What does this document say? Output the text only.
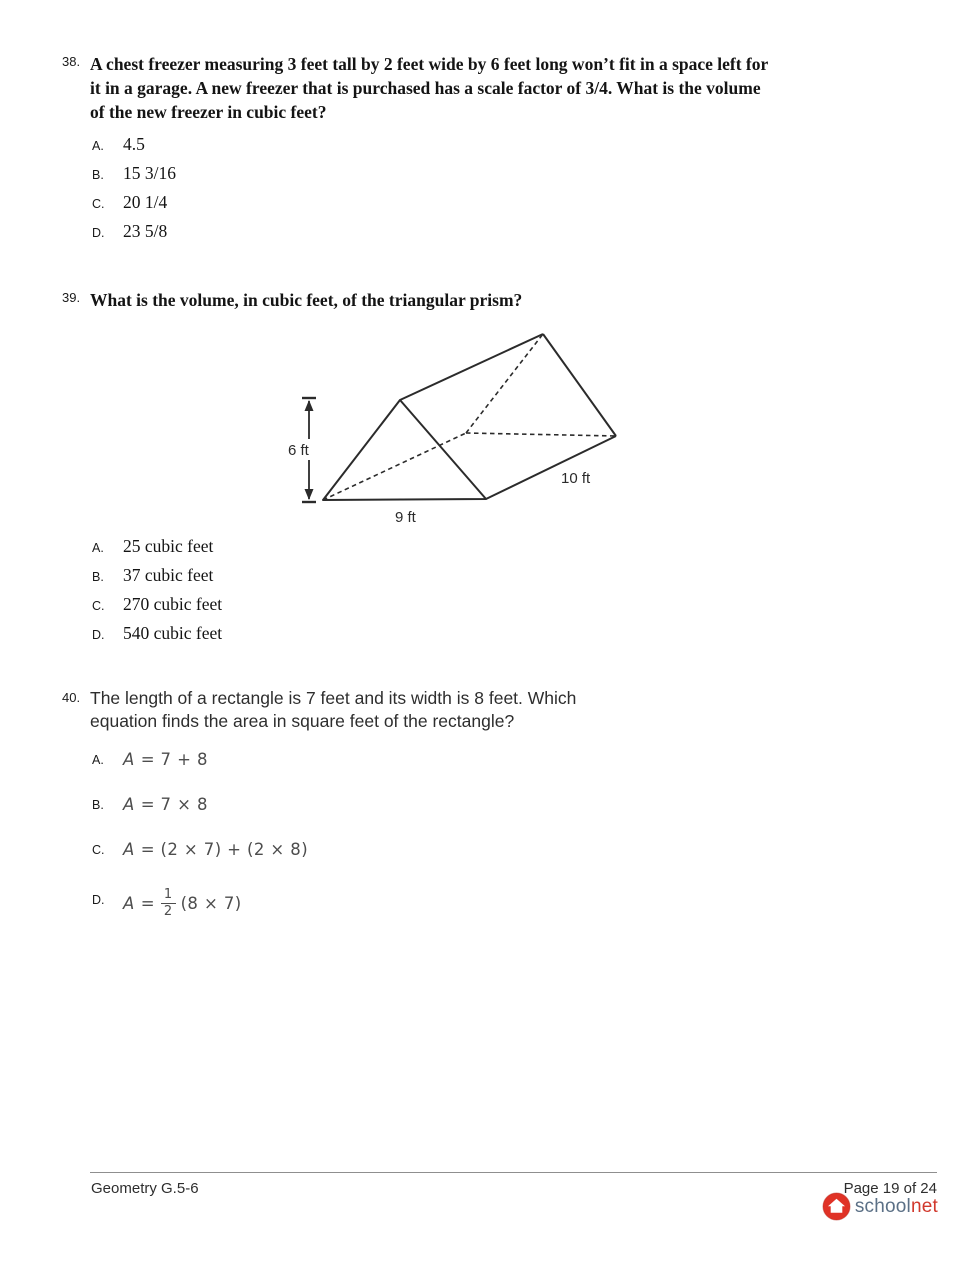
38. A chest freezer measuring 3 feet tall by 2 feet wide by 6 feet long won’t fit in a space left for
it in a garage. A new freezer that is purchased has a scale factor of 3/4. What is the volume
of the new freezer in cubic feet?
A.	4.5
B.	15 3/16
C.	20 1/4
D.	23 5/8
39. What is the volume, in cubic feet, of the triangular prism?
6 ft
9 ft
10 ft
A.	25 cubic feet
B.	37 cubic feet
C.	270 cubic feet
D.	540 cubic feet
40. The length of a rectangle is 7 feet and its width is 8 feet. Which
equation finds the area in square feet of the rectangle?
A.	A = 7 + 8
B.	A = 7 × 8
C.	A = (2 × 7) + (2 × 8)
D.	$A = \frac{1}{2} (8 \times 7)$
Geometry G.5-6	Page 19 of 24
schoolnet
